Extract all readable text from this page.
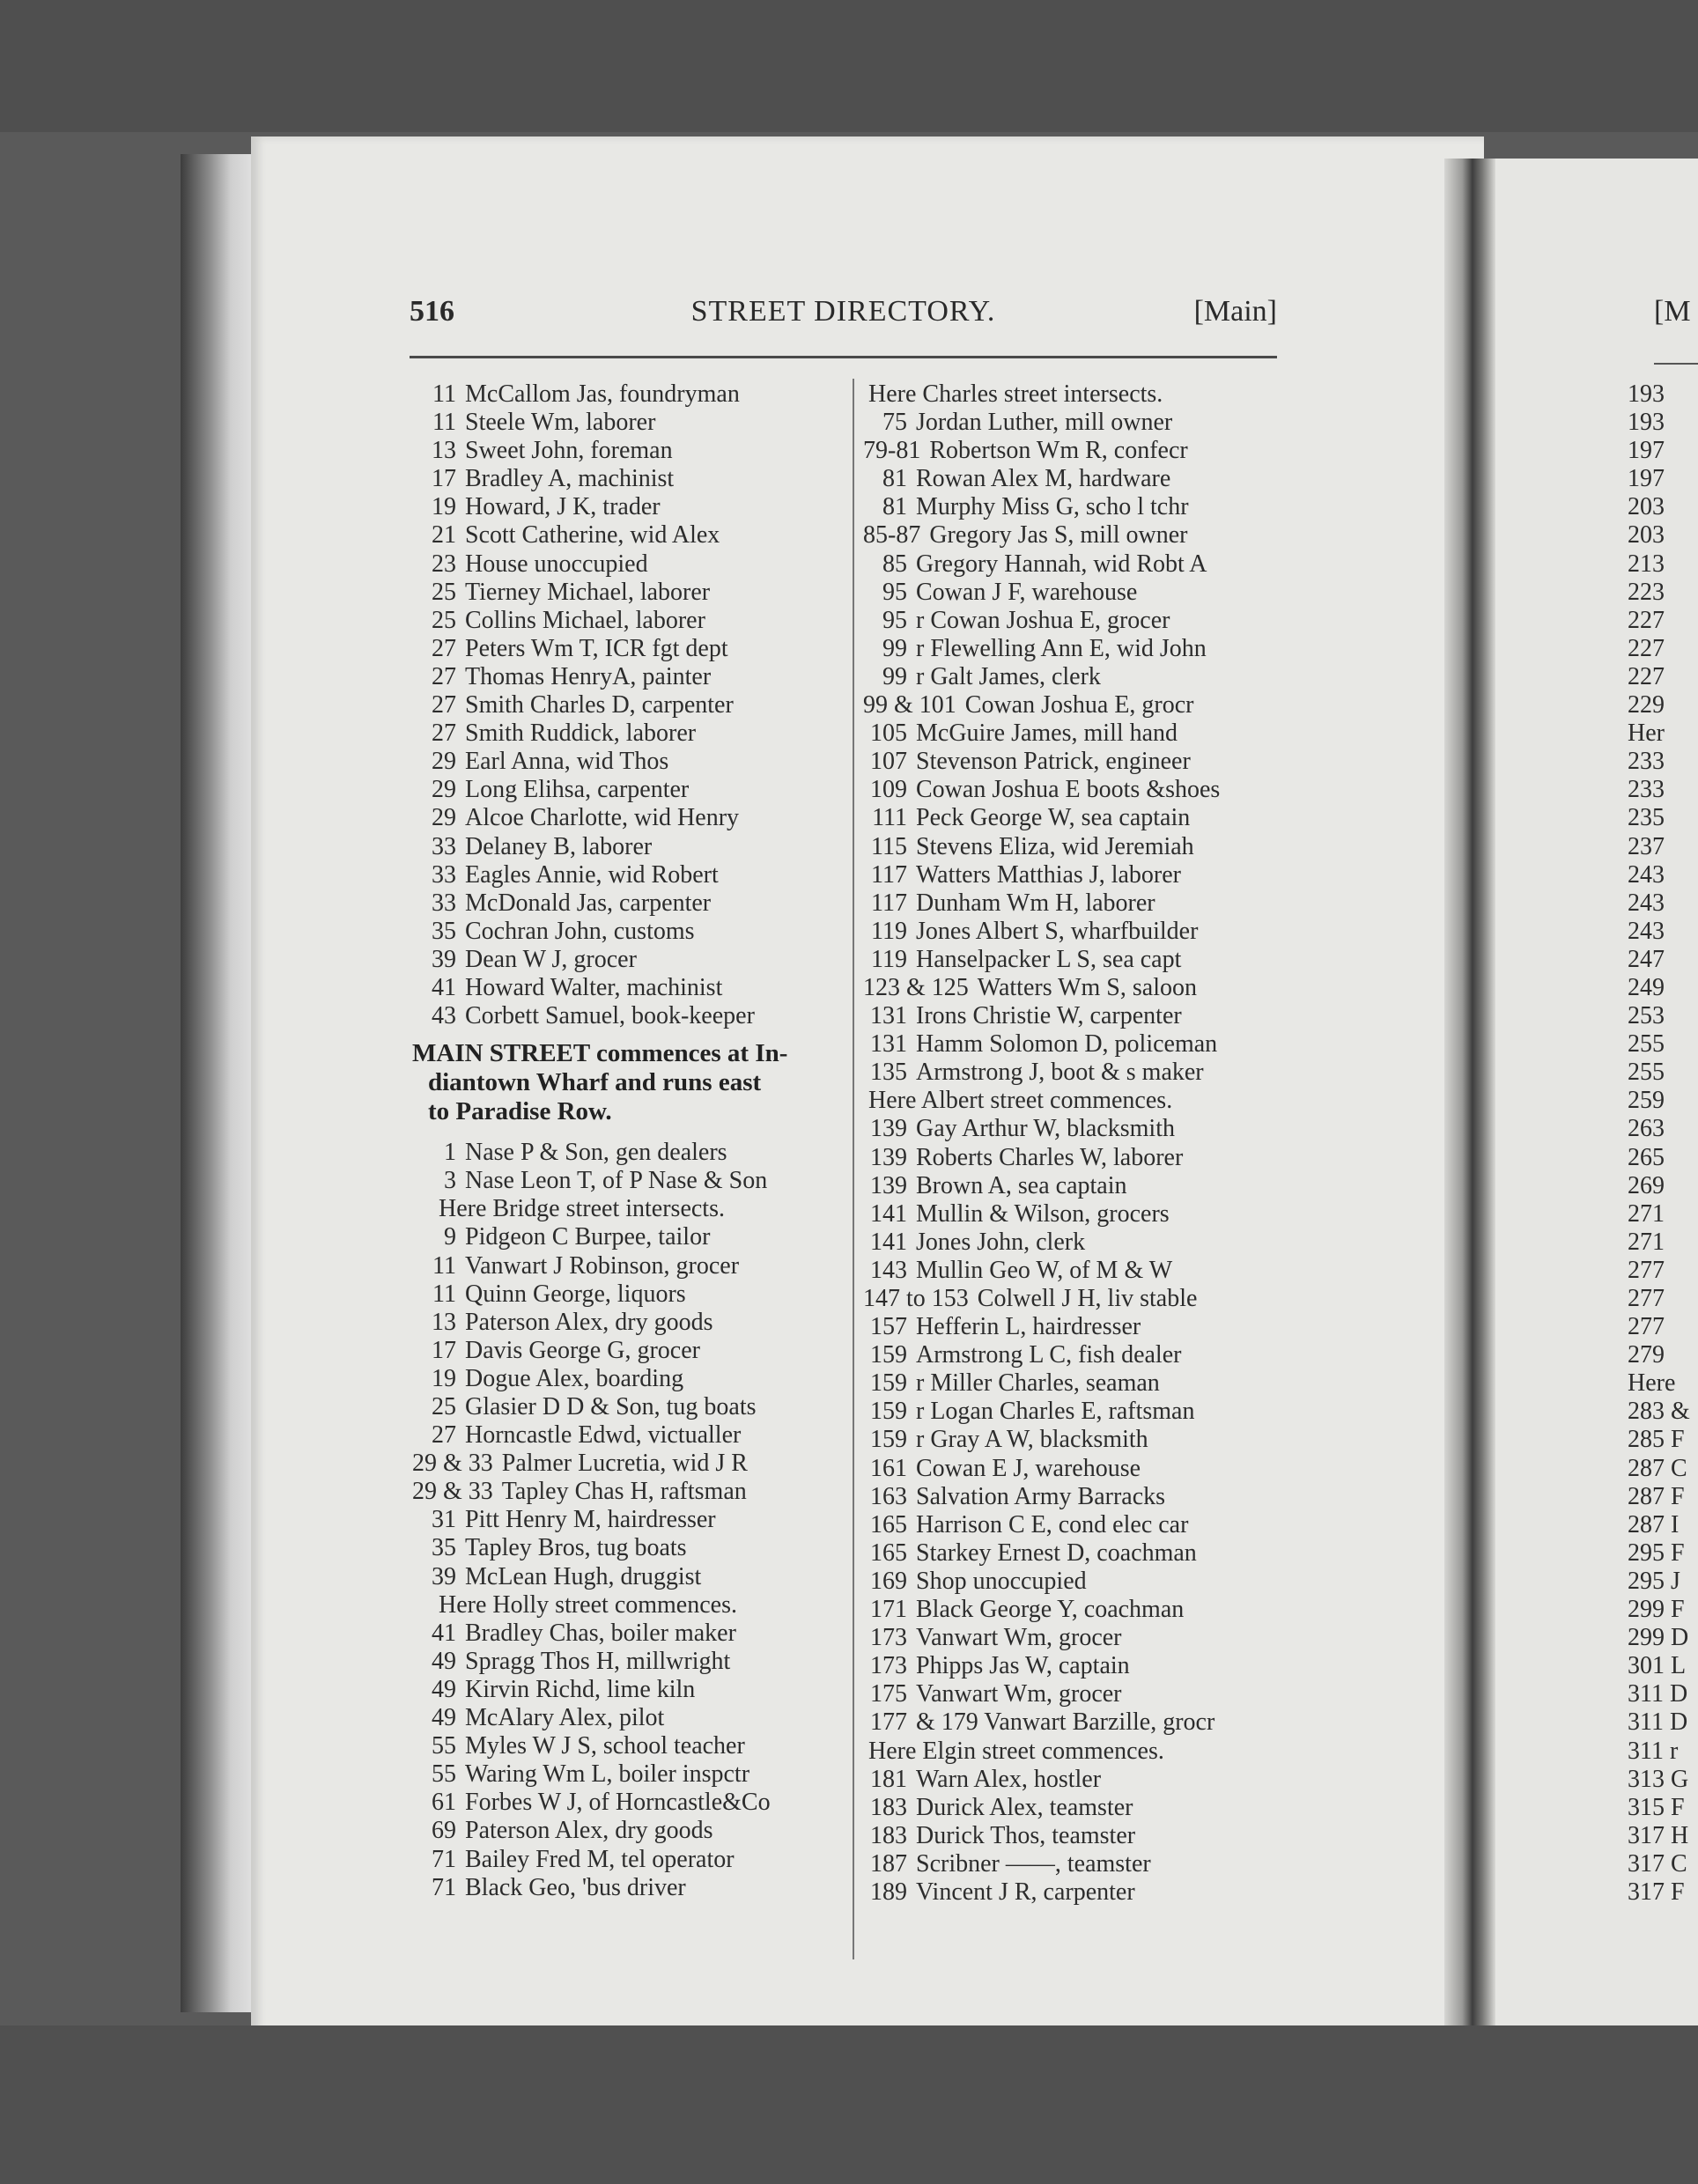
516	STREET DIRECTORY.	[Main]
11 McCallom Jas, foundryman
11 Steele Wm, laborer
13 Sweet John, foreman
17 Bradley A, machinist
19 Howard, J K, trader
21 Scott Catherine, wid Alex
23 House unoccupied
25 Tierney Michael, laborer
25 Collins Michael, laborer
27 Peters Wm T, ICR fgt dept
27 Thomas HenryA, painter
27 Smith Charles D, carpenter
27 Smith Ruddick, laborer
29 Earl Anna, wid Thos
29 Long Elihsa, carpenter
29 Alcoe Charlotte, wid Henry
33 Delaney B, laborer
33 Eagles Annie, wid Robert
33 McDonald Jas, carpenter
35 Cochran John, customs
39 Dean W J, grocer
41 Howard Walter, machinist
43 Corbett Samuel, book-keeper
MAIN STREET commences at In-
diantown Wharf and runs east
to Paradise Row.
1 Nase P & Son, gen dealers
3 Nase Leon T, of P Nase & Son
Here Bridge street intersects.
9 Pidgeon C Burpee, tailor
11 Vanwart J Robinson, grocer
11 Quinn George, liquors
13 Paterson Alex, dry goods
17 Davis George G, grocer
19 Dogue Alex, boarding
25 Glasier D D & Son, tug boats
27 Horncastle Edwd, victualler
29 & 33 Palmer Lucretia, wid J R
29 & 33 Tapley Chas H, raftsman
31 Pitt Henry M, hairdresser
35 Tapley Bros, tug boats
39 McLean Hugh, druggist
Here Holly street commences.
41 Bradley Chas, boiler maker
49 Spragg Thos H, millwright
49 Kirvin Richd, lime kiln
49 McAlary Alex, pilot
55 Myles W J S, school teacher
55 Waring Wm L, boiler inspctr
61 Forbes W J, of Horncastle&Co
69 Paterson Alex, dry goods
71 Bailey Fred M, tel operator
71 Black Geo, 'bus driver
Here Charles street intersects.
75 Jordan Luther, mill owner
79-81 Robertson Wm R, confecr
81 Rowan Alex M, hardware
81 Murphy Miss G, scho l tchr
85-87 Gregory Jas S, mill owner
85 Gregory Hannah, wid Robt A
95 Cowan J F, warehouse
95 r Cowan Joshua E, grocer
99 r Flewelling Ann E, wid John
99 r Galt James, clerk
99 & 101 Cowan Joshua E, grocr
105 McGuire James, mill hand
107 Stevenson Patrick, engineer
109 Cowan Joshua E boots &shoes
111 Peck George W, sea captain
115 Stevens Eliza, wid Jeremiah
117 Watters Matthias J, laborer
117 Dunham Wm H, laborer
119 Jones Albert S, wharfbuilder
119 Hanselpacker L S, sea capt
123 & 125 Watters Wm S, saloon
131 Irons Christie W, carpenter
131 Hamm Solomon D, policeman
135 Armstrong J, boot & s maker
Here Albert street commences.
139 Gay Arthur W, blacksmith
139 Roberts Charles W, laborer
139 Brown A, sea captain
141 Mullin & Wilson, grocers
141 Jones John, clerk
143 Mullin Geo W, of M & W
147 to 153 Colwell J H, liv stable
157 Hefferin L, hairdresser
159 Armstrong L C, fish dealer
159 r Miller Charles, seaman
159 r Logan Charles E, raftsman
159 r Gray A W, blacksmith
161 Cowan E J, warehouse
163 Salvation Army Barracks
165 Harrison C E, cond elec car
165 Starkey Ernest D, coachman
169 Shop unoccupied
171 Black George Y, coachman
173 Vanwart Wm, grocer
173 Phipps Jas W, captain
175 Vanwart Wm, grocer
177 & 179 Vanwart Barzille, grocr
Here Elgin street commences.
181 Warn Alex, hostler
183 Durick Alex, teamster
183 Durick Thos, teamster
187 Scribner ——, teamster
189 Vincent J R, carpenter
[M
193
193
197
197
203
203
213
223
227
227
227
229
Her
233
233
235
237
243
243
243
247
249
253
255
255
259
263
265
269
271
271
277
277
277
279
Here
283 &
285 F
287 C
287 F
287 I
295 F
295 J
299 F
299 D
301 L
311 D
311 D
311 r
313 G
315 F
317 H
317 C
317 F
